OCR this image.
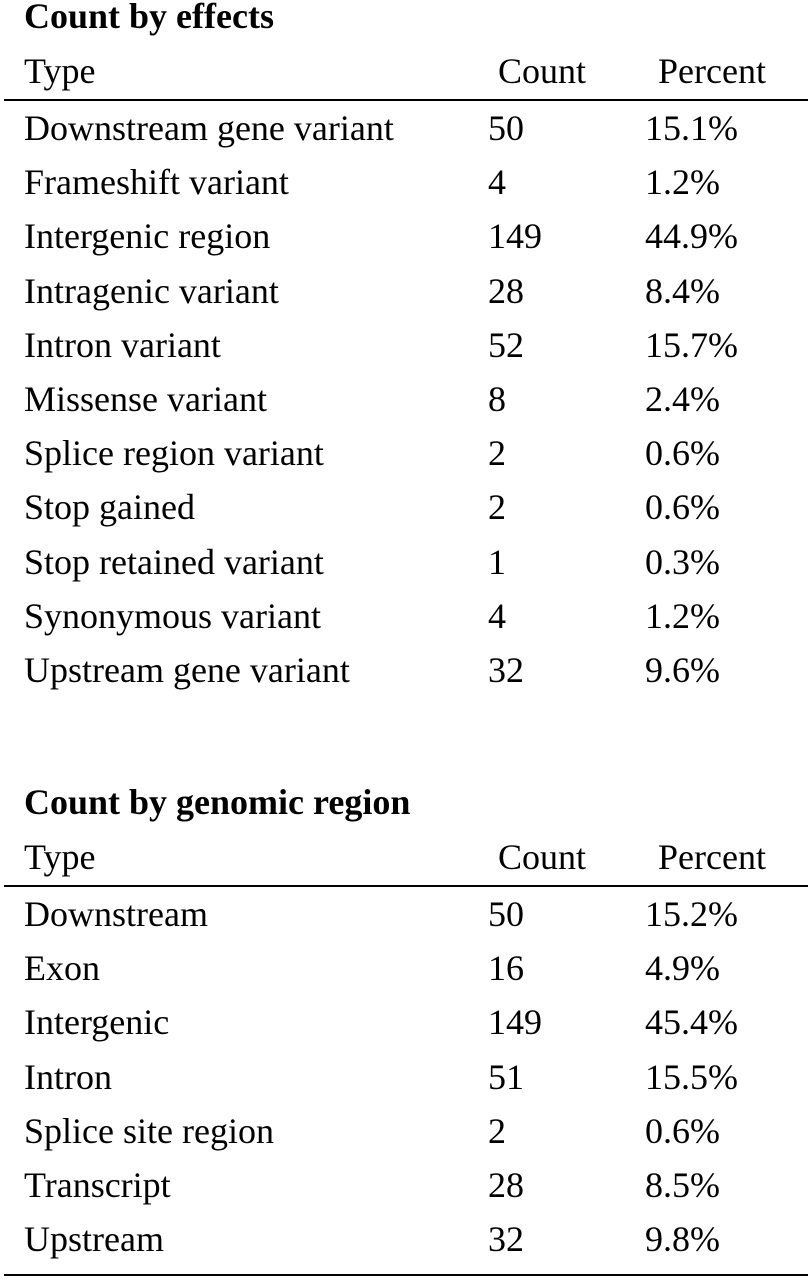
Count by effects
Type	Count Percent
Downstream gene variant	50	15.1%
Frameshift variant	4	1.2%
Intergenic region	149	44.9%
Intragenic variant	28	8.4%
Intron variant	52	15.7%
Missense variant	8	2.4%
Splice region variant	2	0.6%
Stop gained	2	0.6%
Stop retained variant	1	0.3%
Synonymous variant	4	1.2%
Upstream gene variant	32	9.6%
Count by genomic region
Type	Count Percent
Downstream	50	15.2%
Exon	16	4.9%
Intergenic	149	45.4%
Intron	51	15.5%
Splice site region	2	0.6%
Transcript	28	8.5%
Upstream	32	9.8%
